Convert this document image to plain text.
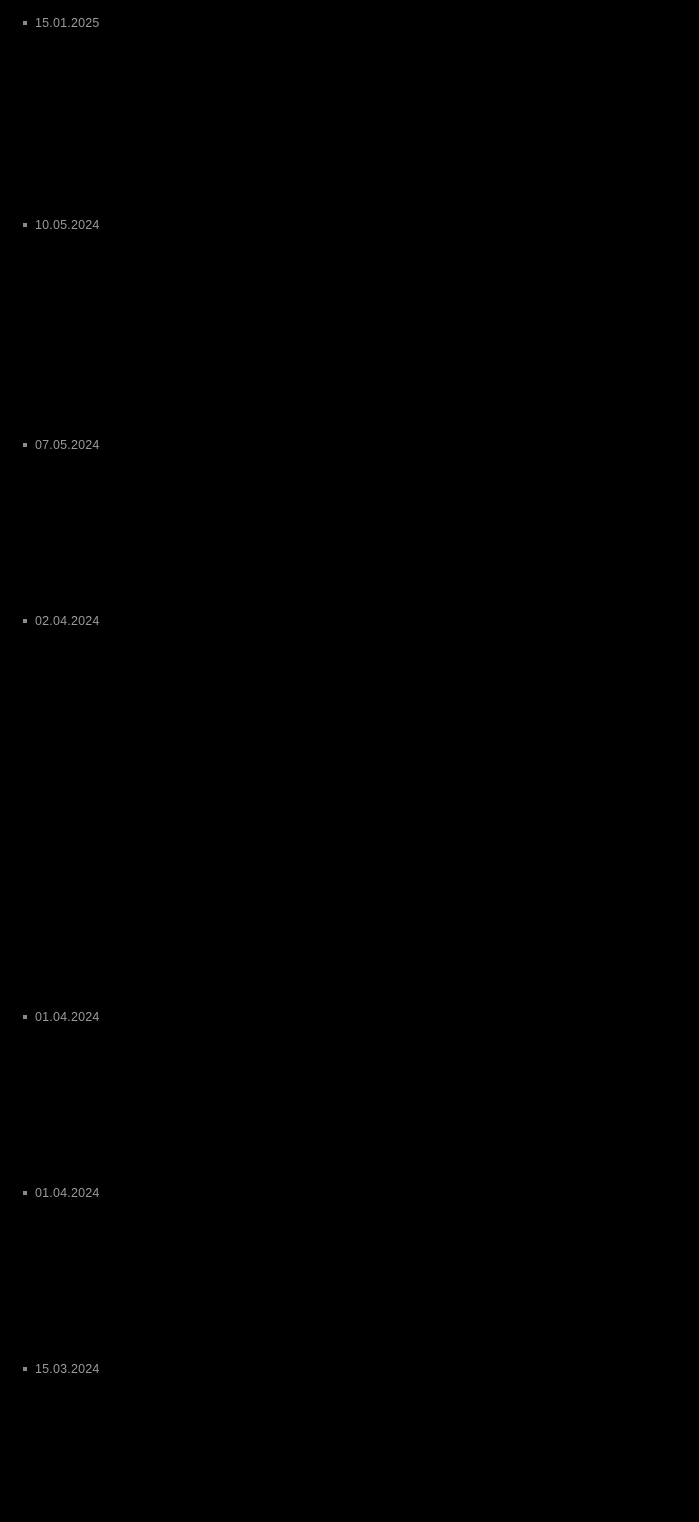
15.01.2025
10.05.2024
07.05.2024
02.04.2024
01.04.2024
01.04.2024
15.03.2024
